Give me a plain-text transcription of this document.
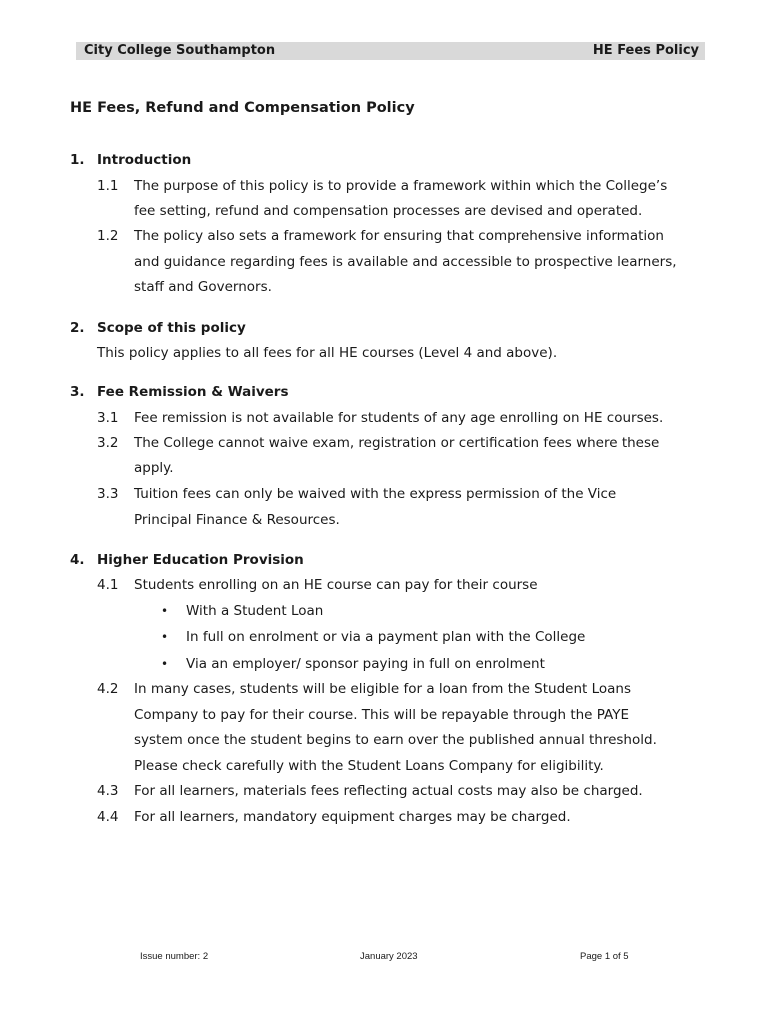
City College Southampton	HE Fees Policy
HE Fees, Refund and Compensation Policy
1. Introduction
1.1 The purpose of this policy is to provide a framework within which the College’s
fee setting, refund and compensation processes are devised and operated.
1.2 The policy also sets a framework for ensuring that comprehensive information
and guidance regarding fees is available and accessible to prospective learners,
staff and Governors.
2. Scope of this policy
This policy applies to all fees for all HE courses (Level 4 and above).
3. Fee Remission & Waivers
3.1 Fee remission is not available for students of any age enrolling on HE courses.
3.2 The College cannot waive exam, registration or certification fees where these
apply.
3.3 Tuition fees can only be waived with the express permission of the Vice
Principal Finance & Resources.
4. Higher Education Provision
4.1 Students enrolling on an HE course can pay for their course
• With a Student Loan
• In full on enrolment or via a payment plan with the College
• Via an employer/ sponsor paying in full on enrolment
4.2 In many cases, students will be eligible for a loan from the Student Loans
Company to pay for their course. This will be repayable through the PAYE
system once the student begins to earn over the published annual threshold.
Please check carefully with the Student Loans Company for eligibility.
4.3 For all learners, materials fees reflecting actual costs may also be charged.
4.4 For all learners, mandatory equipment charges may be charged.
Issue number: 2	January 2023	Page 1 of 5
